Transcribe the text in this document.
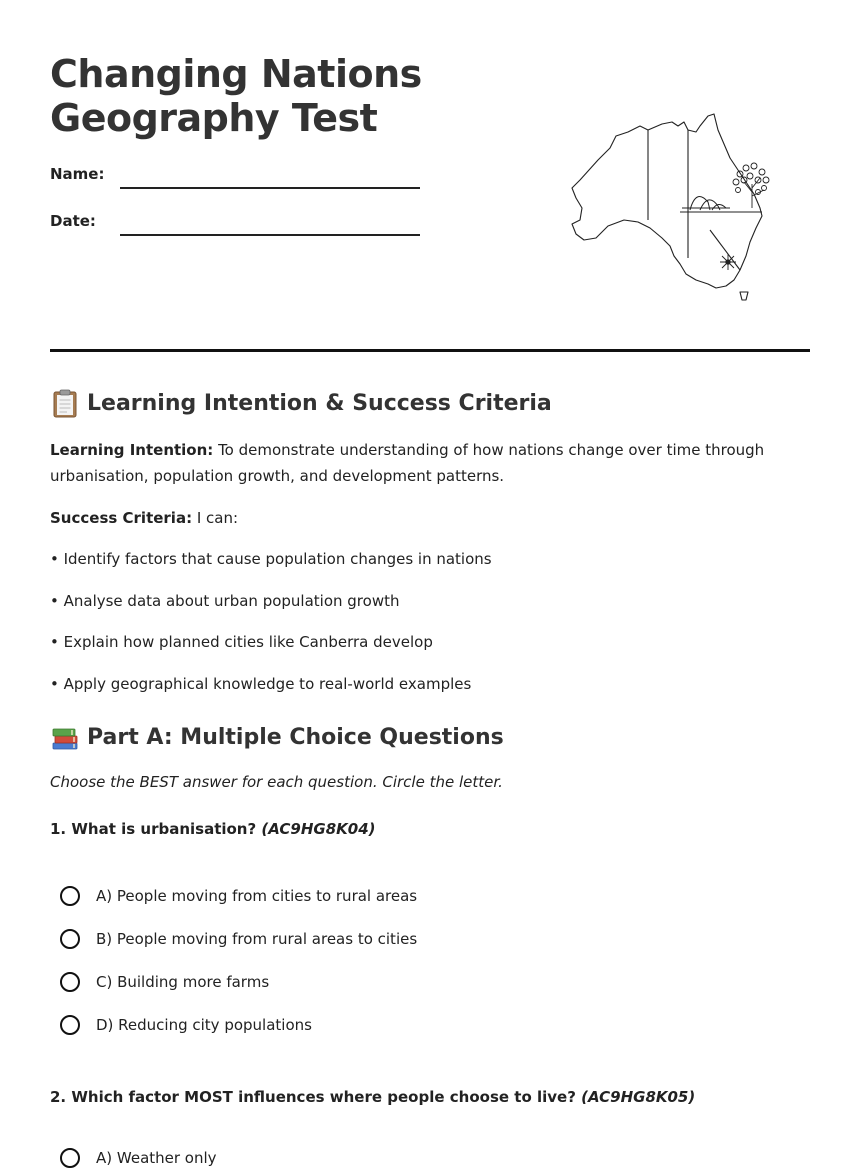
Changing Nations
Geography Test
Name:
Date:
Learning Intention & Success Criteria

Learning Intention: To demonstrate understanding of how nations change over time through urbanisation, population growth, and development patterns.

Success Criteria: I can:

• Identify factors that cause population changes in nations

• Analyse data about urban population growth

• Explain how planned cities like Canberra develop

• Apply geographical knowledge to real-world examples

Part A: Multiple Choice Questions

Choose the BEST answer for each question. Circle the letter.

1. What is urbanisation? (AC9HG8K04)

A) People moving from cities to rural areas
B) People moving from rural areas to cities
C) Building more farms
D) Reducing city populations

2. Which factor MOST influences where people choose to live? (AC9HG8K05)

A) Weather only
